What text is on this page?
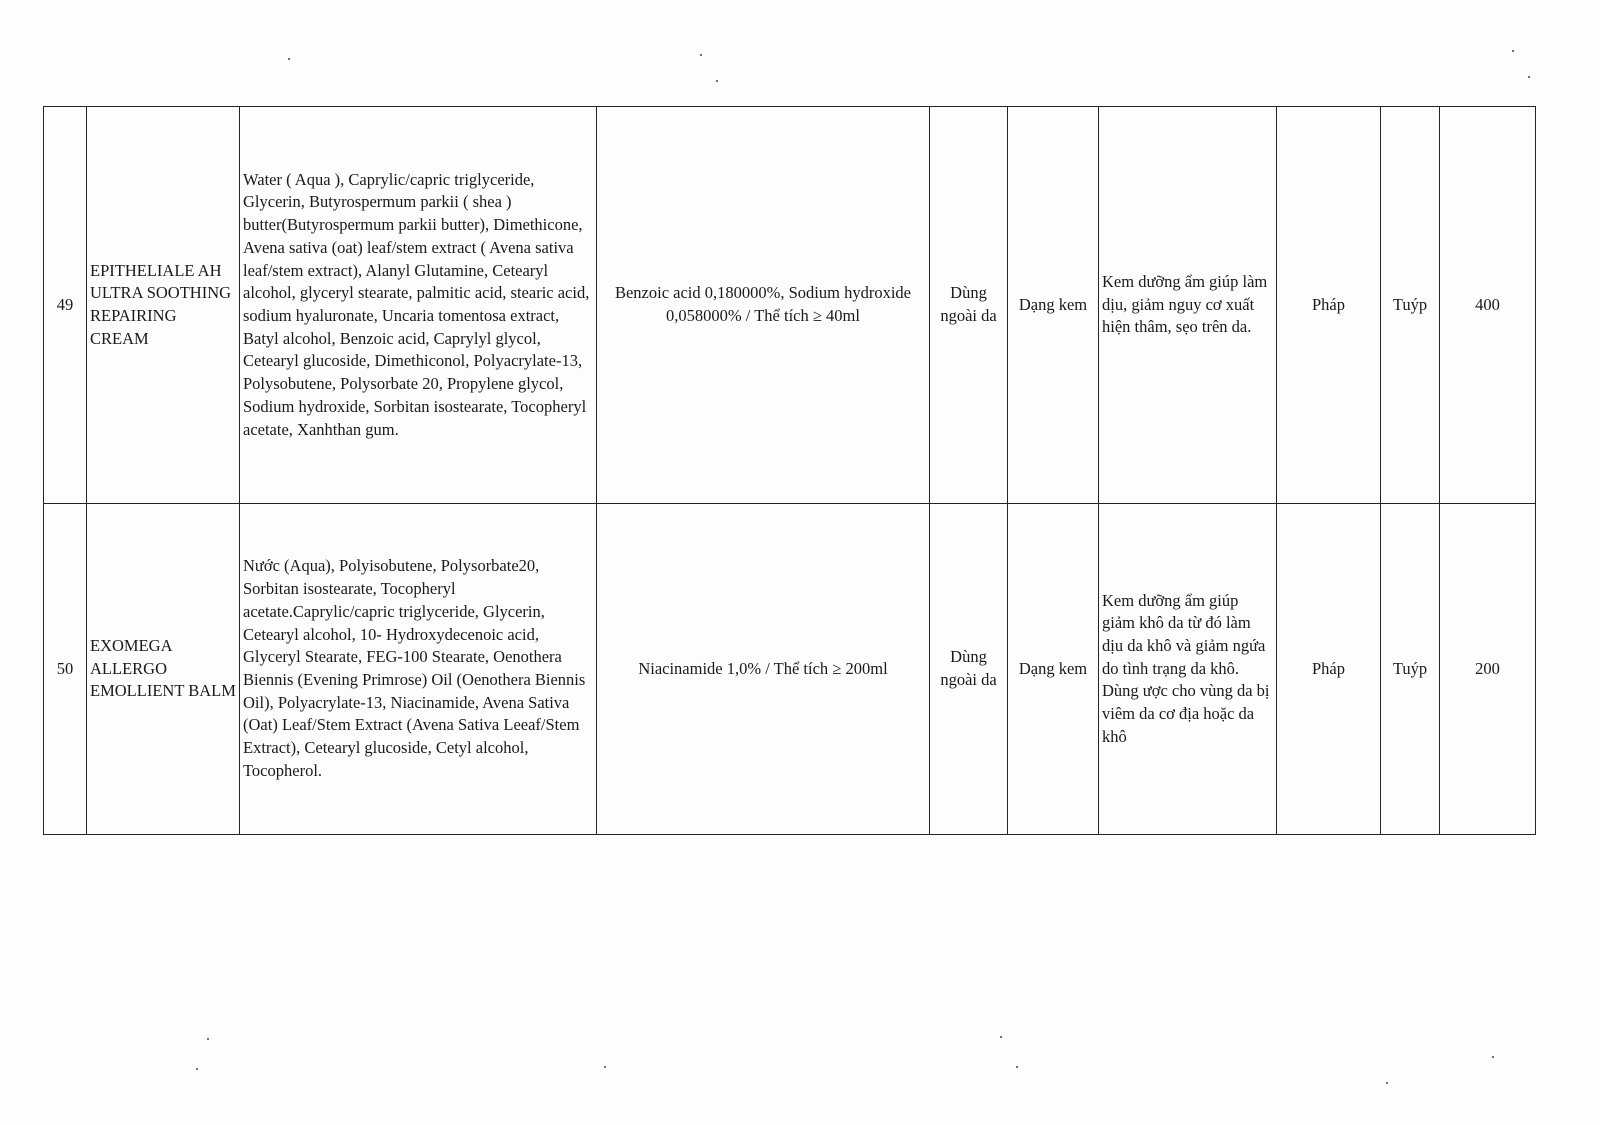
49	EPITHELIALE AH ULTRA SOOTHING REPAIRING CREAM	Water ( Aqua ), Caprylic/capric triglyceride, Glycerin, Butyrospermum parkii ( shea ) butter(Butyrospermum parkii butter), Dimethicone, Avena sativa (oat) leaf/stem extract ( Avena sativa leaf/stem extract), Alanyl Glutamine, Cetearyl alcohol, glyceryl stearate, palmitic acid, stearic acid, sodium hyaluronate, Uncaria tomentosa extract, Batyl alcohol, Benzoic acid, Caprylyl glycol, Cetearyl glucoside, Dimethiconol, Polyacrylate-13, Polysobutene, Polysorbate 20, Propylene glycol, Sodium hydroxide, Sorbitan isostearate, Tocopheryl acetate, Xanhthan gum.	Benzoic acid 0,180000%, Sodium hydroxide 0,058000% / Thể tích ≥ 40ml	Dùng ngoài da	Dạng kem	Kem dưỡng ẩm giúp làm dịu, giảm nguy cơ xuất hiện thâm, sẹo trên da.	Pháp	Tuýp	400
50	EXOMEGA ALLERGO EMOLLIENT BALM	Nước (Aqua), Polyisobutene, Polysorbate20, Sorbitan isostearate, Tocopheryl acetate.Caprylic/capric triglyceride, Glycerin, Cetearyl alcohol, 10- Hydroxydecenoic acid, Glyceryl Stearate, FEG-100 Stearate, Oenothera Biennis (Evening Primrose) Oil (Oenothera Biennis Oil), Polyacrylate-13, Niacinamide, Avena Sativa (Oat) Leaf/Stem Extract (Avena Sativa Leeaf/Stem Extract), Cetearyl glucoside, Cetyl alcohol, Tocopherol.	Niacinamide 1,0% / Thể tích ≥ 200ml	Dùng ngoài da	Dạng kem	Kem dưỡng ẩm giúp giảm khô da từ đó làm dịu da khô và giảm ngứa do tình trạng da khô. Dùng ược cho vùng da bị viêm da cơ địa hoặc da khô	Pháp	Tuýp	200
